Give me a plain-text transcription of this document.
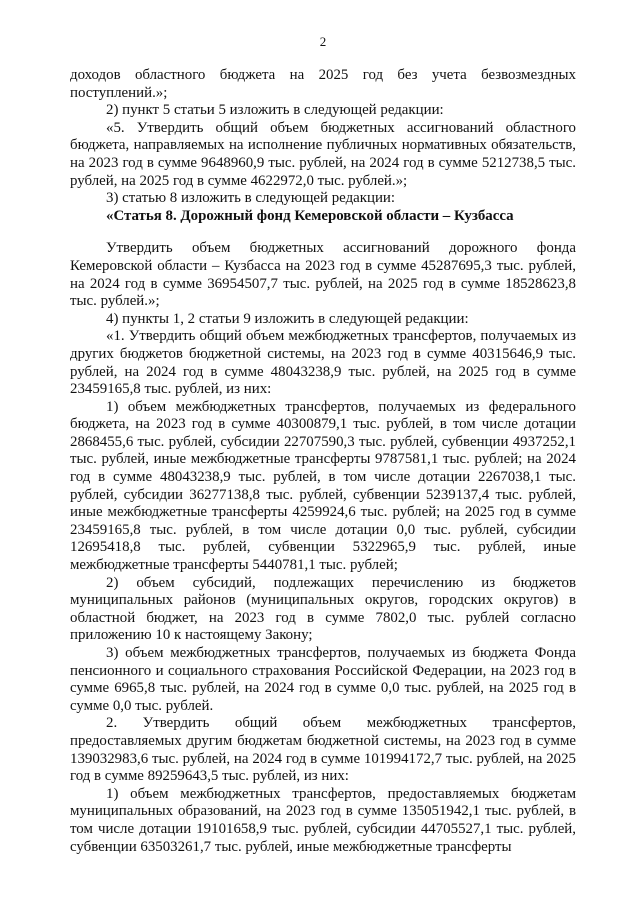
2

доходов областного бюджета на 2025 год без учета безвозмездных поступлений.»;

2) пункт 5 статьи 5 изложить в следующей редакции:

«5. Утвердить общий объем бюджетных ассигнований областного бюджета, направляемых на исполнение публичных нормативных обязательств, на 2023 год в сумме 9648960,9 тыс. рублей, на 2024 год в сумме 5212738,5 тыс. рублей, на 2025 год в сумме 4622972,0 тыс. рублей.»;

3) статью 8 изложить в следующей редакции:

«Статья 8. Дорожный фонд Кемеровской области – Кузбасса

Утвердить объем бюджетных ассигнований дорожного фонда Кемеровской области – Кузбасса на 2023 год в сумме 45287695,3 тыс. рублей, на 2024 год в сумме 36954507,7 тыс. рублей, на 2025 год в сумме 18528623,8 тыс. рублей.»;

4) пункты 1, 2 статьи 9 изложить в следующей редакции:

«1. Утвердить общий объем межбюджетных трансфертов, получаемых из других бюджетов бюджетной системы, на 2023 год в сумме 40315646,9 тыс. рублей, на 2024 год в сумме 48043238,9 тыс. рублей, на 2025 год в сумме 23459165,8 тыс. рублей, из них:

1) объем межбюджетных трансфертов, получаемых из федерального бюджета, на 2023 год в сумме 40300879,1 тыс. рублей, в том числе дотации 2868455,6 тыс. рублей, субсидии 22707590,3 тыс. рублей, субвенции 4937252,1 тыс. рублей, иные межбюджетные трансферты 9787581,1 тыс. рублей; на 2024 год в сумме 48043238,9 тыс. рублей, в том числе дотации 2267038,1 тыс. рублей, субсидии 36277138,8 тыс. рублей, субвенции 5239137,4 тыс. рублей, иные межбюджетные трансферты 4259924,6 тыс. рублей; на 2025 год в сумме 23459165,8 тыс. рублей, в том числе дотации 0,0 тыс. рублей, субсидии 12695418,8 тыс. рублей, субвенции 5322965,9 тыс. рублей, иные межбюджетные трансферты 5440781,1 тыс. рублей;

2) объем субсидий, подлежащих перечислению из бюджетов муниципальных районов (муниципальных округов, городских округов) в областной бюджет, на 2023 год в сумме 7802,0 тыс. рублей согласно приложению 10 к настоящему Закону;

3) объем межбюджетных трансфертов, получаемых из бюджета Фонда пенсионного и социального страхования Российской Федерации, на 2023 год в сумме 6965,8 тыс. рублей, на 2024 год в сумме 0,0 тыс. рублей, на 2025 год в сумме 0,0 тыс. рублей.

2. Утвердить общий объем межбюджетных трансфертов, предоставляемых другим бюджетам бюджетной системы, на 2023 год в сумме 139032983,6 тыс. рублей, на 2024 год в сумме 101994172,7 тыс. рублей, на 2025 год в сумме 89259643,5 тыс. рублей, из них:

1) объем межбюджетных трансфертов, предоставляемых бюджетам муниципальных образований, на 2023 год в сумме 135051942,1 тыс. рублей, в том числе дотации 19101658,9 тыс. рублей, субсидии 44705527,1 тыс. рублей, субвенции 63503261,7 тыс. рублей, иные межбюджетные трансферты
